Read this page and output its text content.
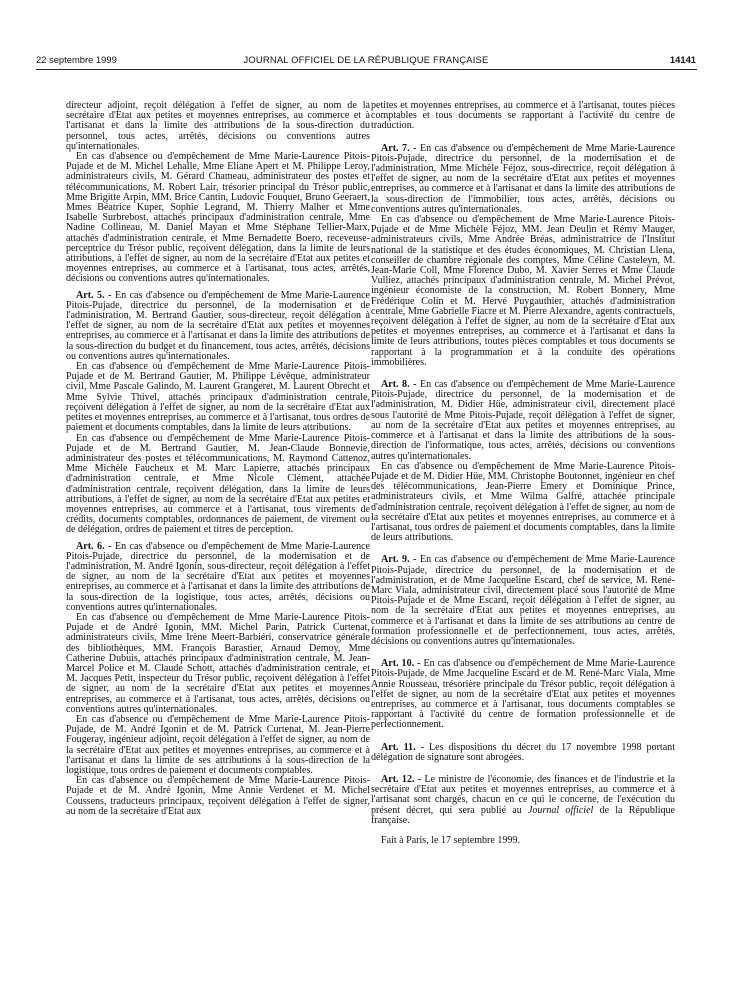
22 septembre 1999	JOURNAL OFFICIEL DE LA RÉPUBLIQUE FRANÇAISE	14141

directeur adjoint, reçoit délégation à l'effet de signer, au nom de la secrétaire d'Etat aux petites et moyennes entreprises, au commerce et à l'artisanat et dans la limite des attributions de la sous-direction du personnel, tous actes, arrêtés, décisions ou conventions autres qu'internationales.

En cas d'absence ou d'empêchement de Mme Marie-Laurence Pitois-Pujade et de M. Michel Lehalle, Mme Eliane Apert et M. Philippe Leroy, administrateurs civils, M. Gérard Chameau, administrateur des postes et télécommunications, M. Robert Lair, trésorier principal du Trésor public, Mme Brigitte Arpin, MM. Brice Cantin, Ludovic Fouquet, Bruno Geeraert, Mmes Béatrice Kuper, Sophie Legrand, M. Thierry Malher et Mme Isabelle Surbrebost, attachés principaux d'administration centrale, Mme Nadine Collineau, M. Daniel Mayan et Mme Stéphane Tellier-Marx, attachés d'administration centrale, et Mme Bernadette Boero, receveuse-perceptrice du Trésor public, reçoivent délégation, dans la limite de leurs attributions, à l'effet de signer, au nom de la secrétaire d'Etat aux petites et moyennes entreprises, au commerce et à l'artisanat, tous actes, arrêtés, décisions ou conventions autres qu'internationales.

Art. 5. - En cas d'absence ou d'empêchement de Mme Marie-Laurence Pitois-Pujade, directrice du personnel, de la modernisation et de l'administration, M. Bertrand Gautier, sous-directeur, reçoit délégation à l'effet de signer, au nom de la secrétaire d'Etat aux petites et moyennes entreprises, au commerce et à l'artisanat et dans la limite des attributions de la sous-direction du budget et du financement, tous actes, arrêtés, décisions ou conventions autres qu'internationales.

En cas d'absence ou d'empêchement de Mme Marie-Laurence Pitois-Pujade et de M. Bertrand Gautier, M. Philippe Lévêque, administrateur civil, Mme Pascale Galindo, M. Laurent Grangeret, M. Laurent Obrecht et Mme Sylvie Thivel, attachés principaux d'administration centrale, reçoivent délégation à l'effet de signer, au nom de la secrétaire d'Etat aux petites et moyennes entreprises, au commerce et à l'artisanat, tous ordres de paiement et documents comptables, dans la limite de leurs attributions.

En cas d'absence ou d'empêchement de Mme Marie-Laurence Pitois-Pujade et de M. Bertrand Gautier, M. Jean-Claude Bonnevie, administrateur des postes et télécommunications, M. Raymond Cattenoz, Mme Michèle Faucheux et M. Marc Lapierre, attachés principaux d'administration centrale, et Mme Nicole Clément, attachée d'administration centrale, reçoivent délégation, dans la limite de leurs attributions, à l'effet de signer, au nom de la secrétaire d'Etat aux petites et moyennes entreprises, au commerce et à l'artisanat, tous virements de crédits, documents comptables, ordonnances de paiement, de virement ou de délégation, ordres de paiement et titres de perception.

Art. 6. - En cas d'absence ou d'empêchement de Mme Marie-Laurence Pitois-Pujade, directrice du personnel, de la modernisation et de l'administration, M. André Igonin, sous-directeur, reçoit délégation à l'effet de signer, au nom de la secrétaire d'Etat aux petites et moyennes entreprises, au commerce et à l'artisanat et dans la limite des attributions de la sous-direction de la logistique, tous actes, arrêtés, décisions ou conventions autres qu'internationales.

En cas d'absence ou d'empêchement de Mme Marie-Laurence Pitois-Pujade et de André Igonin, MM. Michel Parin, Patrick Curtenat, administrateurs civils, Mme Irène Meert-Barbiéri, conservatrice générale des bibliothèques, MM. François Barastier, Arnaud Demoy, Mme Catherine Dubuis, attachés principaux d'administration centrale, M. Jean-Marcel Police et M. Claude Schott, attachés d'administration centrale, et M. Jacques Petit, inspecteur du Trésor public, reçoivent délégation à l'effet de signer, au nom de la secrétaire d'Etat aux petites et moyennes entreprises, au commerce et à l'artisanat, tous actes, arrêtés, décisions ou conventions autres qu'internationales.

En cas d'absence ou d'empêchement de Mme Marie-Laurence Pitois-Pujade, de M. André Igonin et de M. Patrick Curtenat, M. Jean-Pierre Fougeray, ingénieur adjoint, reçoit délégation à l'effet de signer, au nom de la secrétaire d'Etat aux petites et moyennes entreprises, au commerce et à l'artisanat et dans la limite de ses attributions à la sous-direction de la logistique, tous ordres de paiement et documents comptables.

En cas d'absence ou d'empêchement de Mme Marie-Laurence Pitois-Pujade et de M. André Igonin, Mme Annie Verdenet et M. Michel Coussens, traducteurs principaux, reçoivent délégation à l'effet de signer, au nom de la secrétaire d'Etat aux

petites et moyennes entreprises, au commerce et à l'artisanat, toutes pièces comptables et tous documents se rapportant à l'activité du centre de traduction.

Art. 7. - En cas d'absence ou d'empêchement de Mme Marie-Laurence Pitois-Pujade, directrice du personnel, de la modernisation et de l'administration, Mme Michèle Féjoz, sous-directrice, reçoit délégation à l'effet de signer, au nom de la secrétaire d'Etat aux petites et moyennes entreprises, au commerce et à l'artisanat et dans la limite des attributions de la sous-direction de l'immobilier, tous actes, arrêtés, décisions ou conventions autres qu'internationales.

En cas d'absence ou d'empêchement de Mme Marie-Laurence Pitois-Pujade et de Mme Michèle Féjoz, MM. Jean Deulin et Rémy Mauger, administrateurs civils, Mme Andrée Bréas, administratrice de l'Institut national de la statistique et des études économiques, M. Christian Llena, conseiller de chambre régionale des comptes, Mme Céline Casteleyn, M. Jean-Marie Coll, Mme Florence Dubo, M. Xavier Serres et Mme Claude Vulliez, attachés principaux d'administration centrale, M. Michel Prévot, ingénieur économiste de la construction, M. Robert Bonnery, Mme Frédérique Colin et M. Hervé Puygauthier, attachés d'administration centrale, Mme Gabrielle Fiacre et M. Pierre Alexandre, agents contractuels, reçoivent délégation à l'effet de signer, au nom de la secrétaire d'Etat aux petites et moyennes entreprises, au commerce et à l'artisanat et dans la limite de leurs attributions, toutes pièces comptables et tous documents se rapportant à la programmation et à la conduite des opérations immobilières.

Art. 8. - En cas d'absence ou d'empêchement de Mme Marie-Laurence Pitois-Pujade, directrice du personnel, de la modernisation et de l'administration, M. Didier Hüe, administrateur civil, directement placé sous l'autorité de Mme Pitois-Pujade, reçoit délégation à l'effet de signer, au nom de la secrétaire d'Etat aux petites et moyennes entreprises, au commerce et à l'artisanat et dans la limite des attributions de la sous-direction de l'informatique, tous actes, arrêtés, décisions ou conventions autres qu'internationales.

En cas d'absence ou d'empêchement de Mme Marie-Laurence Pitois-Pujade et de M. Didier Hüe, MM. Christophe Boutonnet, ingénieur en chef des télécommunications, Jean-Pierre Emery et Dominique Prince, administrateurs civils, et Mme Wilma Galfré, attachée principale d'administration centrale, reçoivent délégation à l'effet de signer, au nom de la secrétaire d'Etat aux petites et moyennes entreprises, au commerce et à l'artisanat, tous ordres de paiement et documents comptables, dans la limite de leurs attributions.

Art. 9. - En cas d'absence ou d'empêchement de Mme Marie-Laurence Pitois-Pujade, directrice du personnel, de la modernisation et de l'administration, et de Mme Jacqueline Escard, chef de service, M. René-Marc Viala, administrateur civil, directement placé sous l'autorité de Mme Pitois-Pujade et de Mme Escard, reçoit délégation à l'effet de signer, au nom de la secrétaire d'Etat aux petites et moyennes entreprises, au commerce et à l'artisanat et dans la limite de ses attributions au centre de formation professionnelle et de perfectionnement, tous actes, arrêtés, décisions ou conventions autres qu'internationales.

Art. 10. - En cas d'absence ou d'empêchement de Mme Marie-Laurence Pitois-Pujade, de Mme Jacqueline Escard et de M. René-Marc Viala, Mme Annie Rousseau, trésorière principale du Trésor public, reçoit délégation à l'effet de signer, au nom de la secrétaire d'Etat aux petites et moyennes entreprises, au commerce et à l'artisanat, tous documents comptables se rapportant à l'activité du centre de formation professionnelle et de perfectionnement.

Art. 11. - Les dispositions du décret du 17 novembre 1998 portant délégation de signature sont abrogées.

Art. 12. - Le ministre de l'économie, des finances et de l'industrie et la secrétaire d'Etat aux petites et moyennes entreprises, au commerce et à l'artisanat sont chargés, chacun en ce qui le concerne, de l'exécution du présent décret, qui sera publié au Journal officiel de la République française.

Fait à Paris, le 17 septembre 1999.
